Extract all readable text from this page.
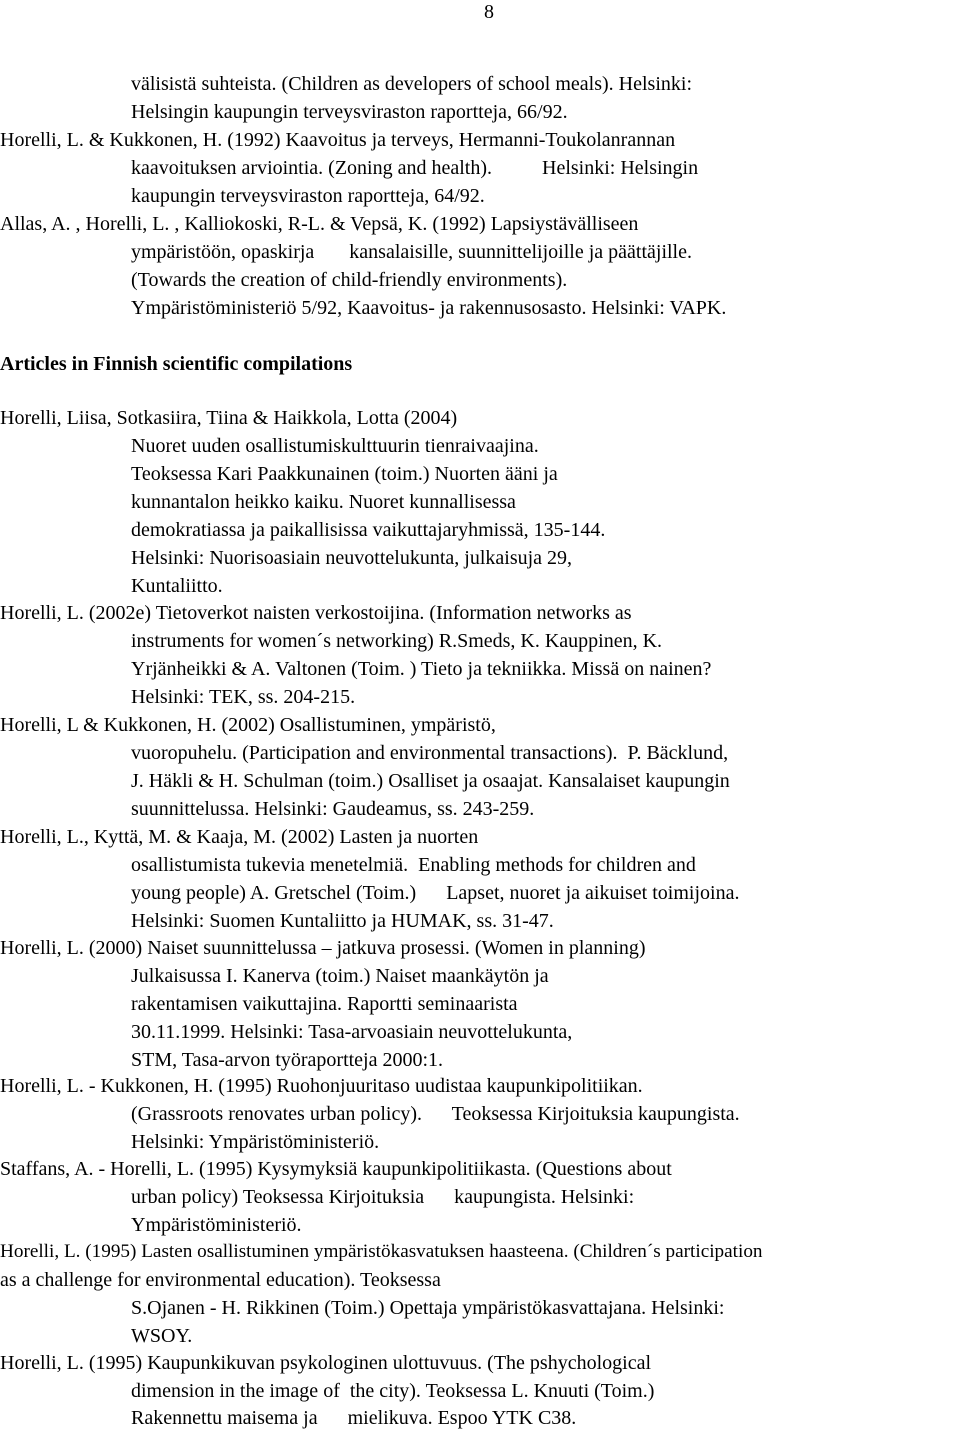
8
välisistä suhteista. (Children as developers of school meals). Helsinki:
Helsingin kaupungin terveysviraston raportteja, 66/92.
Horelli, L. & Kukkonen, H. (1992) Kaavoitus ja terveys, Hermanni-Toukolanrannan
kaavoituksen arviointia. (Zoning and health).          Helsinki: Helsingin
kaupungin terveysviraston raportteja, 64/92.
Allas, A. , Horelli, L. , Kalliokoski, R-L. & Vepsä, K. (1992) Lapsiystävälliseen
ympäristöön, opaskirja       kansalaisille, suunnittelijoille ja päättäjille.
(Towards the creation of child-friendly environments).
Ympäristöministeriö 5/92, Kaavoitus- ja rakennusosasto. Helsinki: VAPK.
Articles in Finnish scientific compilations
Horelli, Liisa, Sotkasiira, Tiina & Haikkola, Lotta (2004)
Nuoret uuden osallistumiskulttuurin tienraivaajina.
Teoksessa Kari Paakkunainen (toim.) Nuorten ääni ja
kunnantalon heikko kaiku. Nuoret kunnallisessa
demokratiassa ja paikallisissa vaikuttajaryhmissä, 135-144.
Helsinki: Nuorisoasiain neuvottelukunta, julkaisuja 29,
Kuntaliitto.
Horelli, L. (2002e) Tietoverkot naisten verkostoijina. (Information networks as
instruments for women´s networking) R.Smeds, K. Kauppinen, K.
Yrjänheikki & A. Valtonen (Toim. ) Tieto ja tekniikka. Missä on nainen?
Helsinki: TEK, ss. 204-215.
Horelli, L & Kukkonen, H. (2002) Osallistuminen, ympäristö,
vuoropuhelu. (Participation and environmental transactions).  P. Bäcklund,
J. Häkli & H. Schulman (toim.) Osalliset ja osaajat. Kansalaiset kaupungin
suunnittelussa. Helsinki: Gaudeamus, ss. 243-259.
Horelli, L., Kyttä, M. & Kaaja, M. (2002) Lasten ja nuorten
osallistumista tukevia menetelmiä.  Enabling methods for children and
young people) A. Gretschel (Toim.)      Lapset, nuoret ja aikuiset toimijoina.
Helsinki: Suomen Kuntaliitto ja HUMAK, ss. 31-47.
Horelli, L. (2000) Naiset suunnittelussa – jatkuva prosessi. (Women in planning)
Julkaisussa I. Kanerva (toim.) Naiset maankäytön ja
rakentamisen vaikuttajina. Raportti seminaarista
30.11.1999. Helsinki: Tasa-arvoasiain neuvottelukunta,
STM, Tasa-arvon työraportteja 2000:1.
Horelli, L. - Kukkonen, H. (1995) Ruohonjuuritaso uudistaa kaupunkipolitiikan.
(Grassroots renovates urban policy).      Teoksessa Kirjoituksia kaupungista.
Helsinki: Ympäristöministeriö.
Staffans, A. - Horelli, L. (1995) Kysymyksiä kaupunkipolitiikasta. (Questions about
urban policy) Teoksessa Kirjoituksia      kaupungista. Helsinki:
Ympäristöministeriö.
Horelli, L. (1995) Lasten osallistuminen ympäristökasvatuksen haasteena. (Children´s participation
as a challenge for environmental education). Teoksessa
S.Ojanen - H. Rikkinen (Toim.) Opettaja ympäristökasvattajana. Helsinki:
WSOY.
Horelli, L. (1995) Kaupunkikuvan psykologinen ulottuvuus. (The pshychological
dimension in the image of  the city). Teoksessa L. Knuuti (Toim.)
Rakennettu maisema ja      mielikuva. Espoo YTK C38.
